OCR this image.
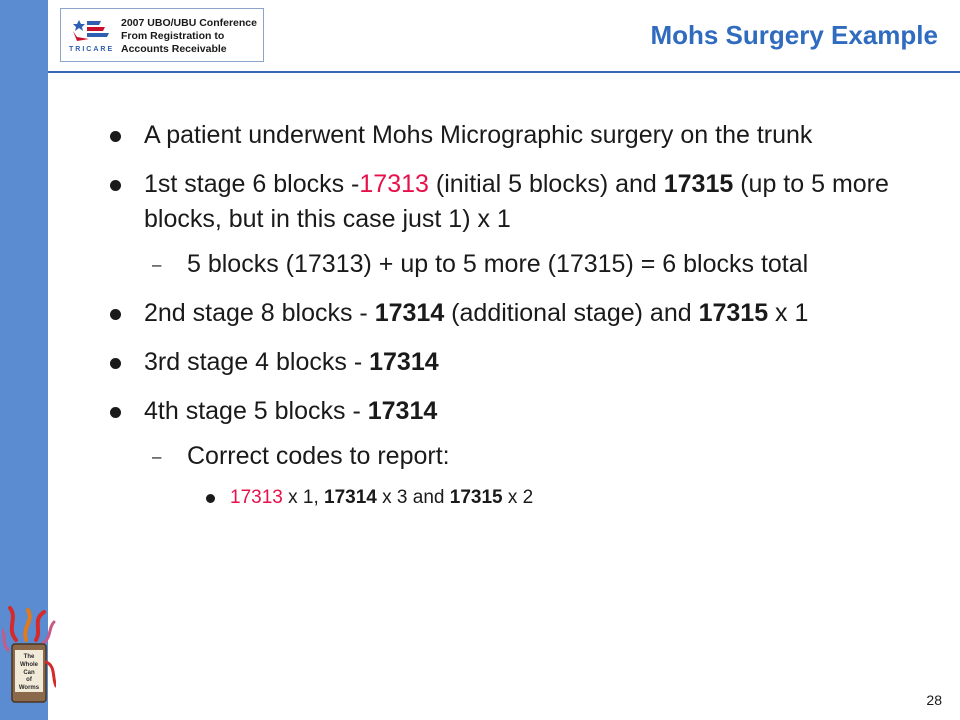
TRICARE
2007 UBO/UBU Conference
From Registration to
Accounts Receivable	Mohs Surgery Example
A patient underwent Mohs Micrographic surgery on the trunk
1st stage 6 blocks -17313 (initial 5 blocks) and 17315 (up to 5 more blocks, but in this case just 1) x 1
– 5 blocks (17313) + up to 5 more (17315) = 6 blocks total
2nd stage 8 blocks - 17314 (additional stage) and 17315 x 1
3rd stage 4 blocks - 17314
4th stage 5 blocks - 17314
– Correct codes to report:
17313 x 1, 17314 x 3 and 17315 x 2
The
Whole
Can
of
Worms
28
